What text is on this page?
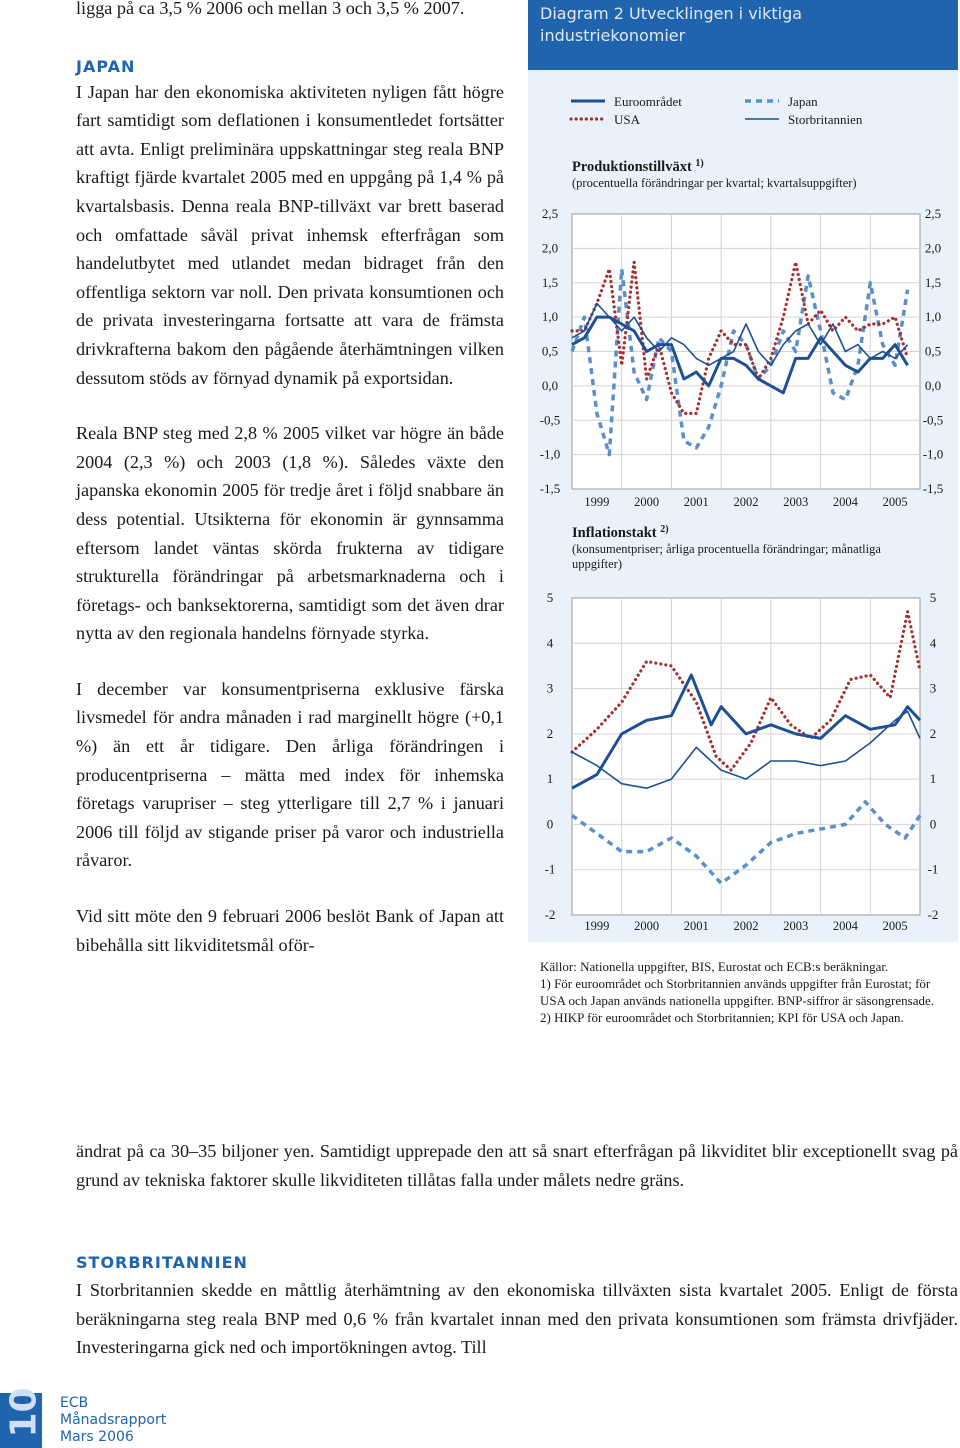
ligga på ca 3,5 % 2006 och mellan 3 och 3,5 % 2007.

JAPAN

I Japan har den ekonomiska aktiviteten nyligen fått högre fart samtidigt som deflationen i konsumentledet fortsätter att avta. Enligt preliminära uppskattningar steg reala BNP kraftigt fjärde kvartalet 2005 med en uppgång på 1,4 % på kvartalsbasis. Denna reala BNP-tillväxt var brett baserad och omfattade såväl privat inhemsk efterfrågan som handelutbytet med utlandet medan bidraget från den offentliga sektorn var noll. Den privata konsumtionen och de privata investeringarna fortsatte att vara de främsta drivkrafterna bakom den pågående återhämtningen vilken dessutom stöds av förnyad dynamik på exportsidan.

Reala BNP steg med 2,8 % 2005 vilket var högre än både 2004 (2,3 %) och 2003 (1,8 %). Således växte den japanska ekonomin 2005 för tredje året i följd snabbare än dess potential. Utsikterna för ekonomin är gynnsamma eftersom landet väntas skörda frukterna av tidigare strukturella förändringar på arbetsmarknaderna och i företags- och banksektorerna, samtidigt som det även drar nytta av den regionala handelns förnyade styrka.

I december var konsumentpriserna exklusive färska livsmedel för andra månaden i rad marginellt högre (+0,1 %) än ett år tidigare. Den årliga förändringen i producentpriserna – mätta med index för inhemska företags varupriser – steg ytterligare till 2,7 % i januari 2006 till följd av stigande priser på varor och industriella råvaror.

Vid sitt möte den 9 februari 2006 beslöt Bank of Japan att bibehålla sitt likviditetsmål oför-

ändrat på ca 30–35 biljoner yen. Samtidigt upprepade den att så snart efterfrågan på likviditet blir exceptionellt svag på grund av tekniska faktorer skulle likviditeten tillåtas falla under målets nedre gräns.

STORBRITANNIEN

I Storbritannien skedde en måttlig återhämtning av den ekonomiska tillväxten sista kvartalet 2005. Enligt de första beräkningarna steg reala BNP med 0,6 % från kvartalet innan med den privata konsumtionen som främsta drivfjäder. Investeringarna gick ned och importökningen avtog. Till

Diagram 2 Utvecklingen i viktiga industriekonomier
Euroområdet	Japan
USA	Storbritannien
Produktionstillväxt $^{1)}$
(procentuella förändringar per kvartal; kvartalsuppgifter)
2,5	2,5
2,0	2,0
1,5	1,5
1,0	1,0
0,5	0,5
0,0	0,0
-0,5	-0,5
-1,0	-1,0
-1,5	-1,5
1999 2000 2001 2002 2003 2004 2005
Inflationstakt $^{2)}$
(konsumentpriser; årliga procentuella förändringar; månatliga
uppgifter)
5	5
4	4
3	3
2	2
1	1
0	0
-1	-1
-2	-2
1999 2000 2001 2002 2003 2004 2005

Källor: Nationella uppgifter, BIS, Eurostat och ECB:s beräkningar.

1) För euroområdet och Storbritannien används uppgifter från Eurostat; för USA och Japan används nationella uppgifter. BNP-siffror är säsongrensade.

2) HIKP för euroområdet och Storbritannien; KPI för USA och Japan.

10 ECB
Månadsrapport
Mars 2006
